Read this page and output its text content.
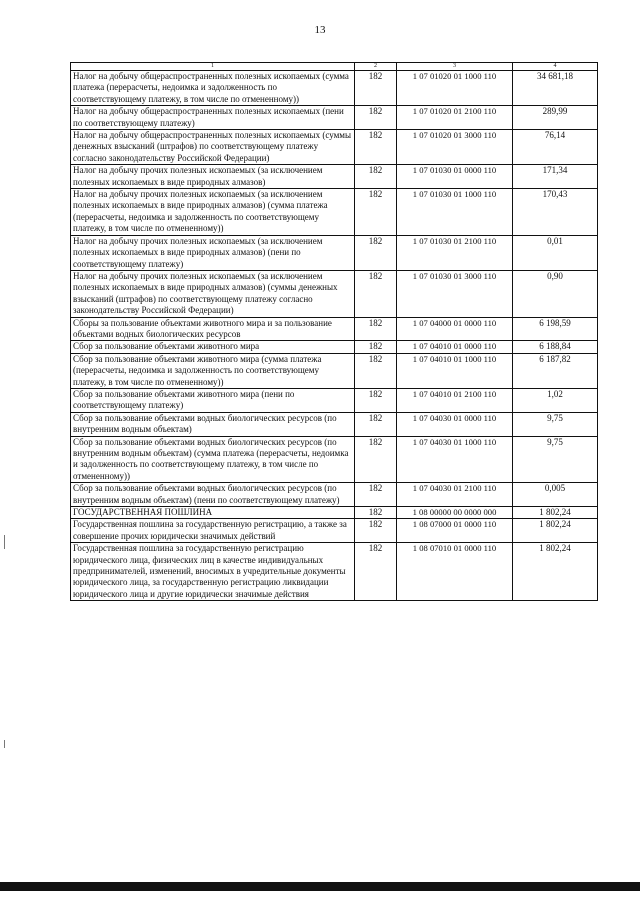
13
1	2	3	4
Налог на добычу общераспространенных полезных ископаемых (сумма платежа (перерасчеты, недоимка и задолженность по соответствующему платежу, в том числе по отмененному))	182	1 07 01020 01 1000 110	34 681,18
Налог на добычу общераспространенных полезных ископаемых (пени по соответствующему платежу)	182	1 07 01020 01 2100 110	289,99
Налог на добычу общераспространенных полезных ископаемых (суммы денежных взысканий (штрафов) по соответствующему платежу согласно законодательству Российской Федерации)	182	1 07 01020 01 3000 110	76,14
Налог на добычу прочих полезных ископаемых (за исключением полезных ископаемых в виде природных алмазов)	182	1 07 01030 01 0000 110	171,34
Налог на добычу прочих полезных ископаемых (за исключением полезных ископаемых в виде природных алмазов) (сумма платежа (перерасчеты, недоимка и задолженность по соответствующему платежу, в том числе по отмененному))	182	1 07 01030 01 1000 110	170,43
Налог на добычу прочих полезных ископаемых (за исключением полезных ископаемых в виде природных алмазов) (пени по соответствующему платежу)	182	1 07 01030 01 2100 110	0,01
Налог на добычу прочих полезных ископаемых (за исключением полезных ископаемых в виде природных алмазов) (суммы денежных взысканий (штрафов) по соответствующему платежу согласно законодательству Российской Федерации)	182	1 07 01030 01 3000 110	0,90
Сборы за пользование объектами животного мира и за пользование объектами водных биологических ресурсов	182	1 07 04000 01 0000 110	6 198,59
Сбор за пользование объектами животного мира	182	1 07 04010 01 0000 110	6 188,84
Сбор за пользование объектами животного мира (сумма платежа (перерасчеты, недоимка и задолженность по соответствующему платежу, в том числе по отмененному))	182	1 07 04010 01 1000 110	6 187,82
Сбор за пользование объектами животного мира (пени по соответствующему платежу)	182	1 07 04010 01 2100 110	1,02
Сбор за пользование объектами водных биологических ресурсов (по внутренним водным объектам)	182	1 07 04030 01 0000 110	9,75
Сбор за пользование объектами водных биологических ресурсов (по внутренним водным объектам) (сумма платежа (перерасчеты, недоимка и задолженность по соответствующему платежу, в том числе по отмененному))	182	1 07 04030 01 1000 110	9,75
Сбор за пользование объектами водных биологических ресурсов (по внутренним водным объектам) (пени по соответствующему платежу)	182	1 07 04030 01 2100 110	0,005
ГОСУДАРСТВЕННАЯ ПОШЛИНА	182	1 08 00000 00 0000 000	1 802,24
Государственная пошлина за государственную регистрацию, а также за совершение прочих юридически значимых действий	182	1 08 07000 01 0000 110	1 802,24
Государственная пошлина за государственную регистрацию юридического лица, физических лиц в качестве индивидуальных предпринимателей, изменений, вносимых в учредительные документы юридического лица, за государственную регистрацию ликвидации юридического лица и другие юридически значимые действия	182	1 08 07010 01 0000 110	1 802,24
